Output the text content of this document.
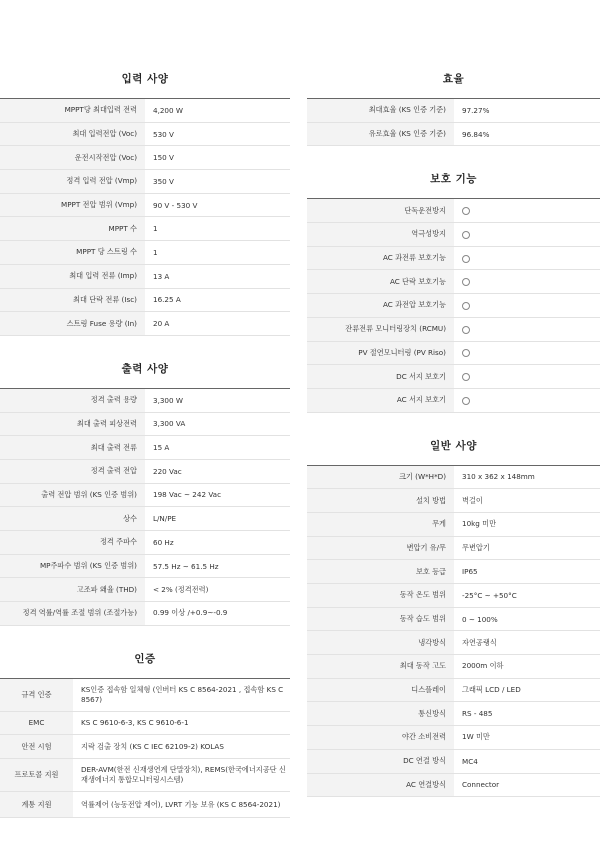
입력 사양
MPPT당 최대입력 전력	4,200 W
최대 입력전압 (Voc)	530 V
운전시작전압 (Voc)	150 V
정격 입력 전압 (Vmp)	350 V
MPPT 전압 범위 (Vmp)	90 V - 530 V
MPPT 수	1
MPPT 당 스트링 수	1
최대 입력 전류 (Imp)	13 A
최대 단락 전류 (Isc)	16.25 A
스트링 Fuse 용량 (In)	20 A
출력 사양
정격 출력 용량	3,300 W
최대 출력 피상전력	3,300 VA
최대 출력 전류	15 A
정격 출력 전압	220 Vac
출력 전압 범위 (KS 인증 범위)	198 Vac ~ 242 Vac
상수	L/N/PE
정격 주파수	60 Hz
MP주파수 범위 (KS 인증 범위)	57.5 Hz ~ 61.5 Hz
고조파 왜율 (THD)	< 2% (정격전력)
정격 역률/역률 조절 범위 (조절가능)	0.99 이상 /+0.9~-0.9
인증
규격 인증	KS인증 접속함 일체형 (인버터 KS C 8564-2021 , 접속함 KS C 8567)
EMC	KS C 9610-6-3, KS C 9610-6-1
안전 시험	지락 검출 장치 (KS C IEC 62109-2) KOLAS
프로토콜 지원	DER-AVM(한전 신재생연계 단말장치), REMS(한국에너지공단 신재생에너지 통합모니터링시스템)
계통 지원	역률제어 (능동전압 제어), LVRT 기능 보유 (KS C 8564-2021)
효율
최대효율 (KS 인증 기준)	97.27%
유로효율 (KS 인증 기준)	96.84%
보호 기능
단독운전방지	
역극성방지	
AC 과전류 보호기능	
AC 단락 보호기능	
AC 과전압 보호기능	
잔류전류 모니터링장치 (RCMU)	
PV 절연모니터링 (PV Riso)	
DC 서지 보호기	
AC 서지 보호기	
일반 사양
크기 (W*H*D)	310 x 362 x 148mm
설치 방법	벽걸이
무게	10kg 미만
변압기 유/무	무변압기
보호 등급	IP65
동작 온도 범위	-25°C ~ +50°C
동작 습도 범위	0 ~ 100%
냉각방식	자연공랭식
최대 동작 고도	2000m 이하
디스플레이	그래픽 LCD / LED
통신방식	RS - 485
야간 소비전력	1W 미만
DC 연결 방식	MC4
AC 연결방식	Connector
